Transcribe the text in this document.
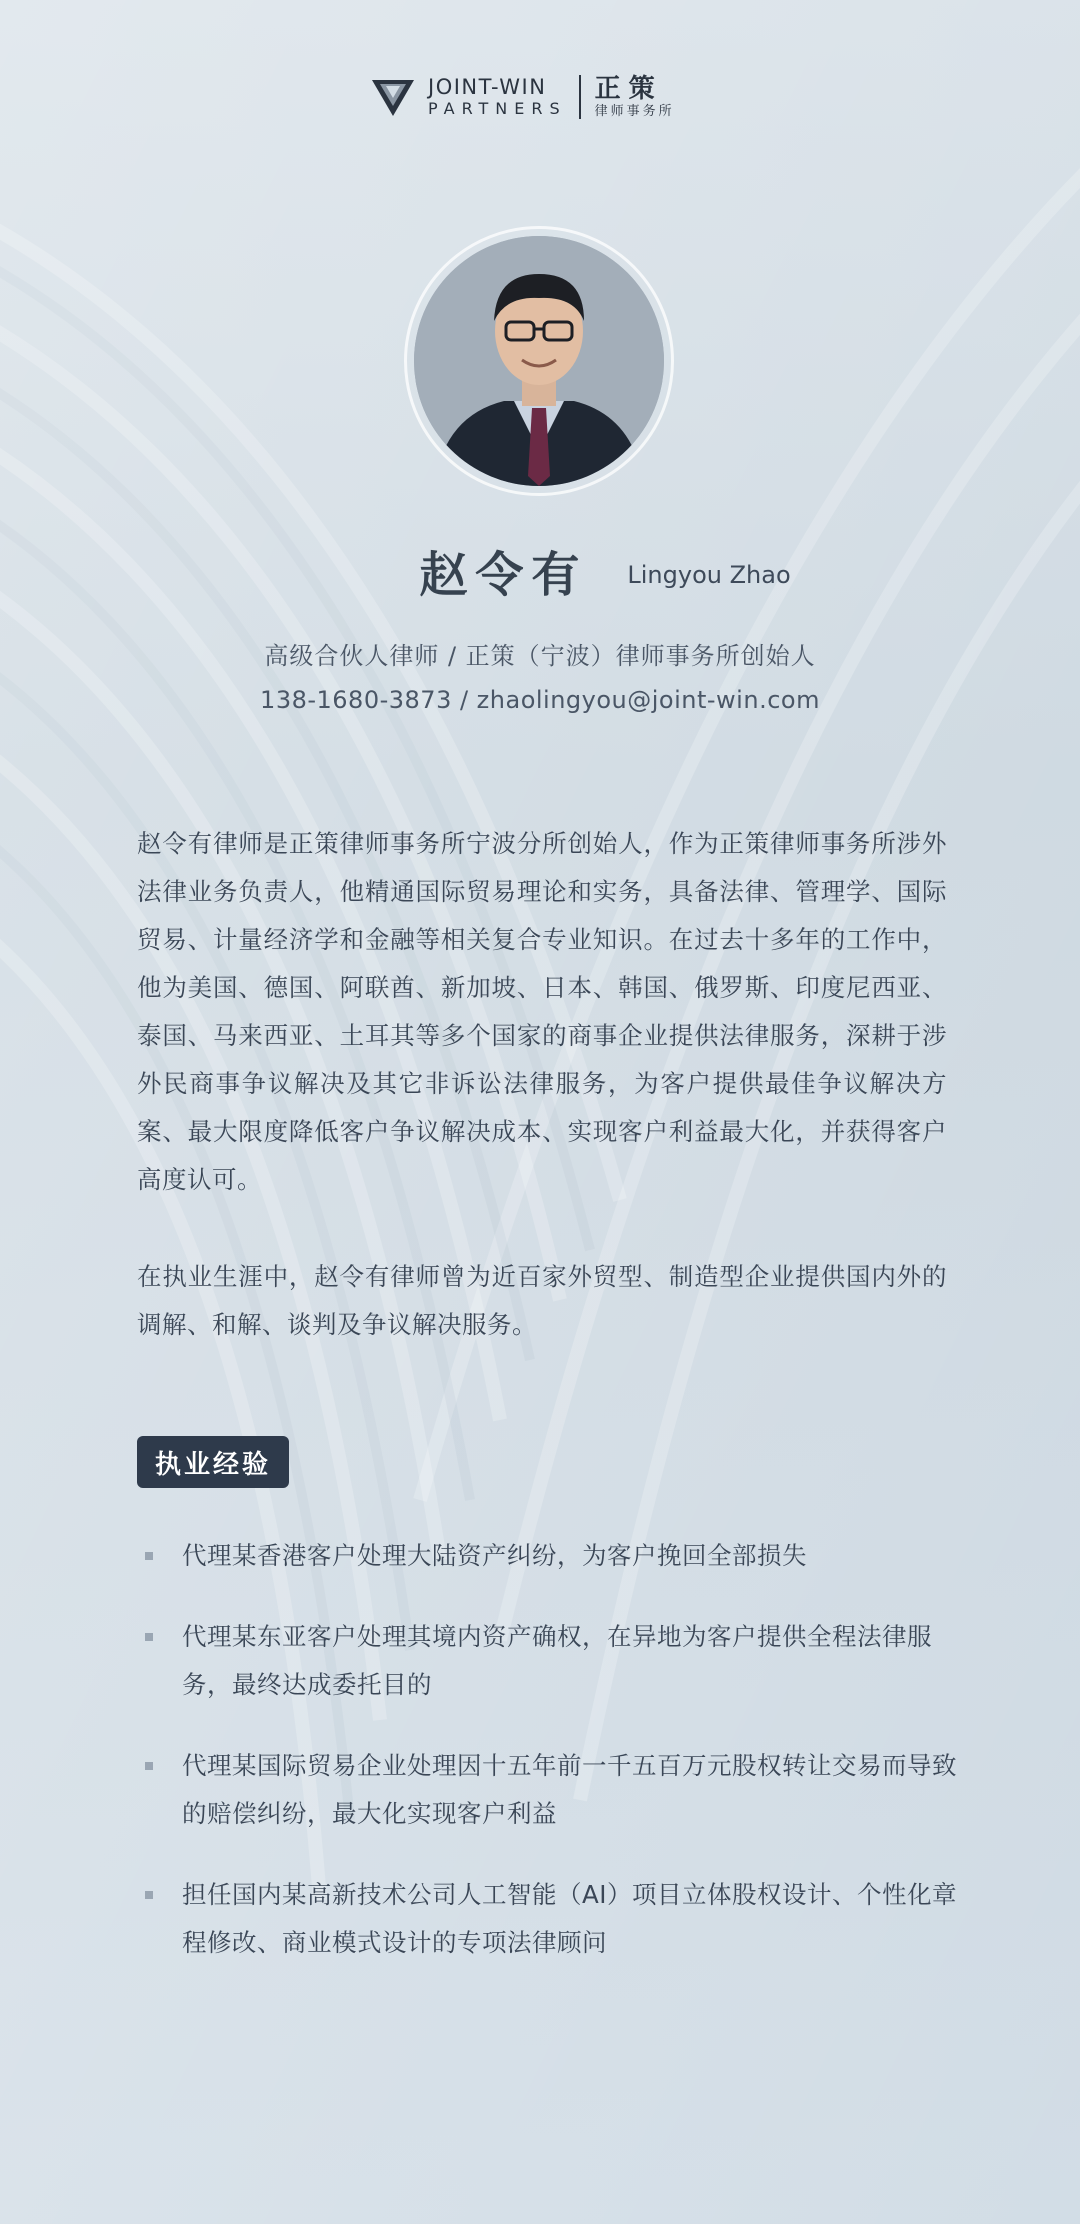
JOINT-WIN
PARTNERS
正策
律师事务所
赵令有 Lingyou Zhao
高级合伙人律师 / 正策（宁波）律师事务所创始人
138-1680-3873 / zhaolingyou@joint-win.com

赵令有律师是正策律师事务所宁波分所创始人，作为正策律师事务所涉外法律业务负责人，他精通国际贸易理论和实务，具备法律、管理学、国际贸易、计量经济学和金融等相关复合专业知识。在过去十多年的工作中，他为美国、德国、阿联酋、新加坡、日本、韩国、俄罗斯、印度尼西亚、泰国、马来西亚、土耳其等多个国家的商事企业提供法律服务，深耕于涉外民商事争议解决及其它非诉讼法律服务，为客户提供最佳争议解决方案、最大限度降低客户争议解决成本、实现客户利益最大化，并获得客户高度认可。

在执业生涯中，赵令有律师曾为近百家外贸型、制造型企业提供国内外的调解、和解、谈判及争议解决服务。

执业经验
代理某香港客户处理大陆资产纠纷，为客户挽回全部损失
代理某东亚客户处理其境内资产确权，在异地为客户提供全程法律服务，最终达成委托目的
代理某国际贸易企业处理因十五年前一千五百万元股权转让交易而导致的赔偿纠纷，最大化实现客户利益
担任国内某高新技术公司人工智能（AI）项目立体股权设计、个性化章程修改、商业模式设计的专项法律顾问
